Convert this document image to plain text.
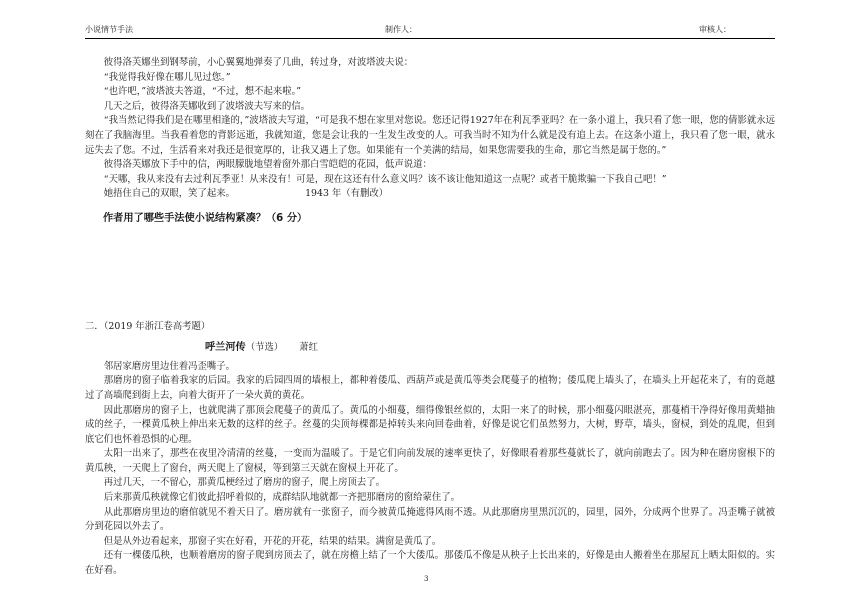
小说情节手法	制作人：	审核人：

彼得洛芙娜坐到钢琴前，小心翼翼地弹奏了几曲，转过身，对波塔波夫说：

“我觉得我好像在哪儿见过您。”

“也许吧，”波塔波夫答道，“不过，想不起来啦。”

几天之后，彼得洛芙娜收到了波塔波夫写来的信。

“我当然记得我们是在哪里相逢的，”波塔波夫写道，“可是我不想在家里对您说。您还记得1927年在利瓦季亚吗？在一条小道上，我只看了您一眼，您的倩影就永远刻在了我脑海里。当我看着您的背影远逝，我就知道，您是会让我的一生发生改变的人。可我当时不知为什么就是没有追上去。在这条小道上，我只看了您一眼，就永远失去了您。不过，生活看来对我还是很宽厚的，让我又遇上了您。如果能有一个美满的结局，如果您需要我的生命，那它当然是属于您的。”

彼得洛芙娜放下手中的信，两眼朦胧地望着窗外那白雪皑皑的花园，低声说道：

“天哪，我从来没有去过利瓦季亚！从来没有！可是，现在这还有什么意义吗？该不该让他知道这一点呢？或者干脆欺骗一下我自己吧！”

她捂住自己的双眼，笑了起来。	1943 年（有删改）

作者用了哪些手法使小说结构紧凑？（6 分）

二．（2019 年浙江卷高考题）

呼兰河传（节选） 萧红

邻居家磨房里边住着冯歪嘴子。

那磨房的窗子临着我家的后园。我家的后园四周的墙根上，都种着倭瓜、西葫芦或是黄瓜等类会爬蔓子的植物；倭瓜爬上墙头了，在墙头上开起花来了，有的竟越过了高墙爬到街上去，向着大街开了一朵火黄的黄花。

因此那磨房的窗子上，也就爬满了那顶会爬蔓子的黄瓜了。黄瓜的小细蔓，细得像银丝似的，太阳一来了的时候，那小细蔓闪眼湛亮，那蔓梢干净得好像用黄蜡抽成的丝子，一棵黄瓜秧上伸出来无数的这样的丝子。丝蔓的尖顶每棵都是掉转头来向回卷曲着，好像是说它们虽然努力，大树，野草，墙头，窗棂，到处的乱爬，但到底它们也怀着恐惧的心理。

太阳一出来了，那些在夜里冷清清的丝蔓，一变而为温暖了。于是它们向前发展的速率更快了，好像眼看着那些蔓就长了，就向前跑去了。因为种在磨房窗根下的黄瓜秧，一天爬上了窗台，两天爬上了窗棂，等到第三天就在窗棂上开花了。

再过几天，一不留心，那黄瓜梗经过了磨房的窗子，爬上房顶去了。

后来那黄瓜秧就像它们彼此招呼着似的，成群结队地就都一齐把那磨房的窗给蒙住了。

从此那磨房里边的磨倌就见不着天日了。磨房就有一张窗子，而今被黄瓜掩遮得风雨不透。从此那磨房里黑沉沉的，园里，园外，分成两个世界了。冯歪嘴子就被分到花园以外去了。

但是从外边看起来，那窗子实在好看，开花的开花，结果的结果。满窗是黄瓜了。

还有一棵倭瓜秧，也顺着磨房的窗子爬到房顶去了，就在房檐上结了一个大倭瓜。那倭瓜不像是从秧子上长出来的，好像是由人搬着坐在那屋瓦上晒太阳似的。实在好看。

3
